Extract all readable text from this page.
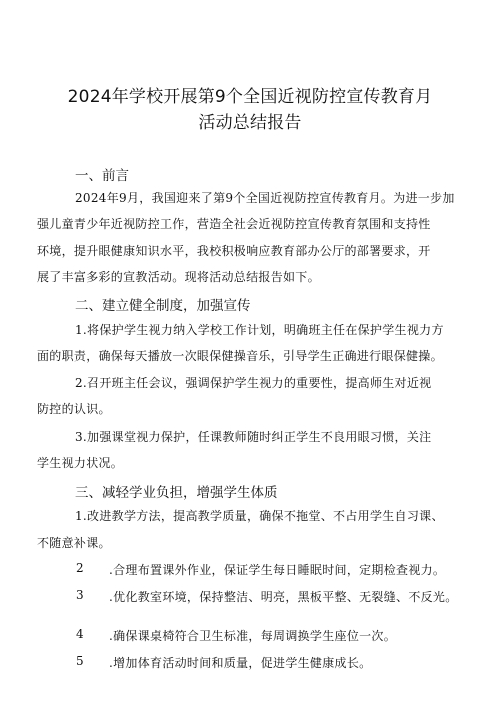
2024年学校开展第9个全国近视防控宣传教育月
活动总结报告
一、前言
2024年9月，我国迎来了第9个全国近视防控宣传教育月。为进一步加
强儿童青少年近视防控工作，营造全社会近视防控宣传教育氛围和支持性
环境，提升眼健康知识水平，我校积极响应教育部办公厅的部署要求，开
展了丰富多彩的宣教活动。现将活动总结报告如下。
二、建立健全制度，加强宣传
1.将保护学生视力纳入学校工作计划，明确班主任在保护学生视力方
面的职责，确保每天播放一次眼保健操音乐，引导学生正确进行眼保健操。
2.召开班主任会议，强调保护学生视力的重要性，提高师生对近视
防控的认识。
3.加强课堂视力保护，任课教师随时纠正学生不良用眼习惯，关注
学生视力状况。
三、减轻学业负担，增强学生体质
1.改进教学方法，提高教学质量，确保不拖堂、不占用学生自习课、
不随意补课。
2 .合理布置课外作业，保证学生每日睡眠时间，定期检查视力。
3 .优化教室环境，保持整洁、明亮，黑板平整、无裂缝、不反光。
4 .确保课桌椅符合卫生标准，每周调换学生座位一次。
5 .增加体育活动时间和质量，促进学生健康成长。
